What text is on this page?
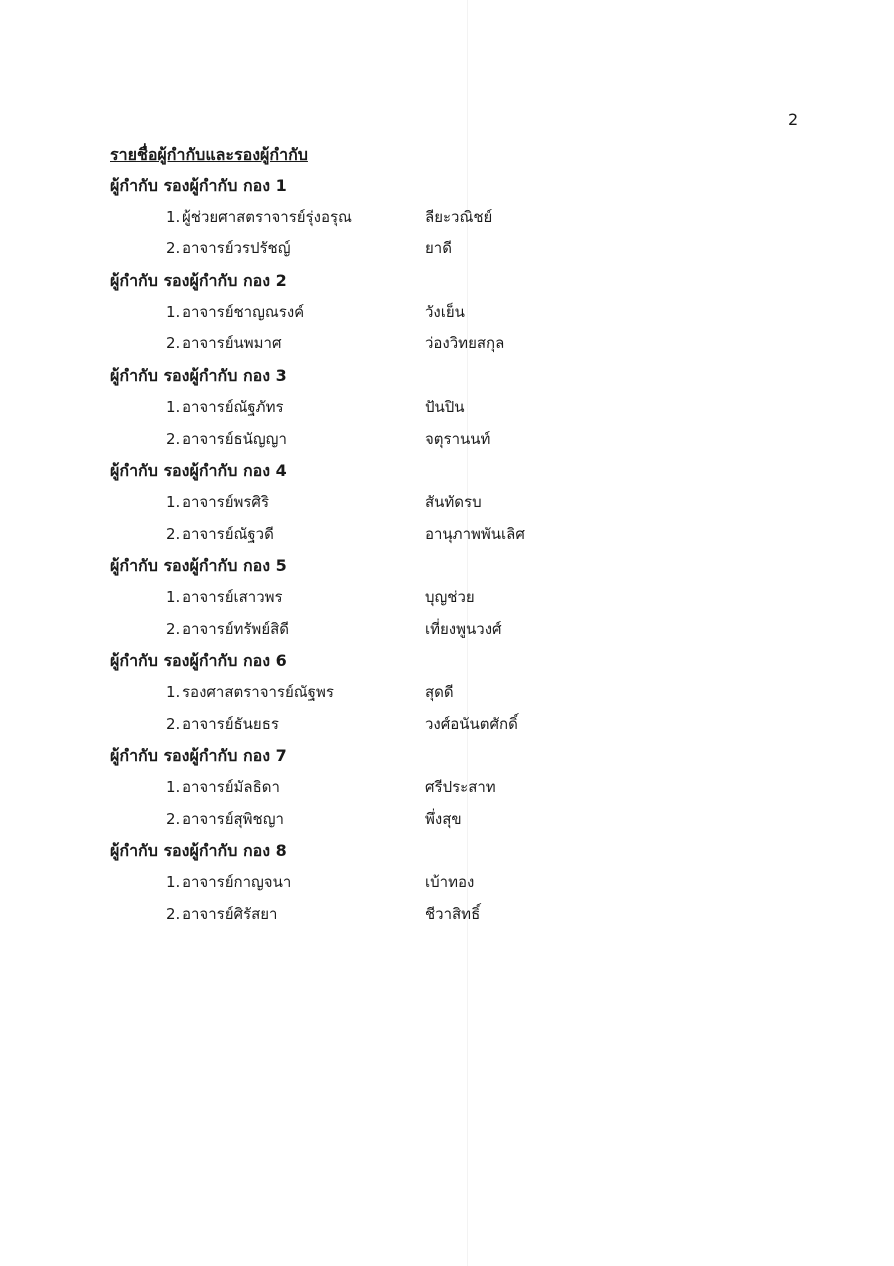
2
รายชื่อผู้กำกับและรองผู้กำกับ
ผู้กำกับ รองผู้กำกับ กอง 1
1. ผู้ช่วยศาสตราจารย์รุ่งอรุณ	ลียะวณิชย์
2. อาจารย์วรปรัชญ์	ยาดี
ผู้กำกับ รองผู้กำกับ กอง 2
1. อาจารย์ชาญณรงค์	วังเย็น
2. อาจารย์นพมาศ	ว่องวิทยสกุล
ผู้กำกับ รองผู้กำกับ กอง 3
1. อาจารย์ณัฐภัทร	ปันปิน
2. อาจารย์ธนัญญา	จตุรานนท์
ผู้กำกับ รองผู้กำกับ กอง 4
1. อาจารย์พรศิริ	สันทัดรบ
2. อาจารย์ณัฐวดี	อานุภาพพันเลิศ
ผู้กำกับ รองผู้กำกับ กอง 5
1. อาจารย์เสาวพร	บุญช่วย
2. อาจารย์ทรัพย์สิดี	เที่ยงพูนวงศ์
ผู้กำกับ รองผู้กำกับ กอง 6
1. รองศาสตราจารย์ณัฐพร	สุดดี
2. อาจารย์ธันยธร	วงศ์อนันตศักดิ์
ผู้กำกับ รองผู้กำกับ กอง 7
1. อาจารย์มัลธิดา	ศรีประสาท
2. อาจารย์สุพิชญา	พึ่งสุข
ผู้กำกับ รองผู้กำกับ กอง 8
1. อาจารย์กาญจนา	เบ้าทอง
2. อาจารย์ศิรัสยา	ชีวาสิทธิ์
